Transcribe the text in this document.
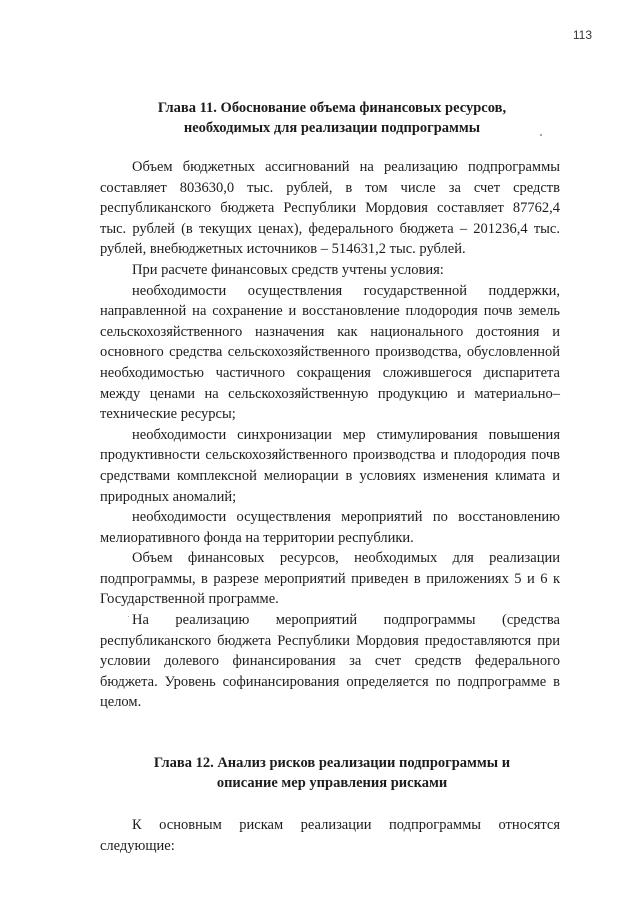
113
Глава 11. Обоснование объема финансовых ресурсов,
необходимых для реализации подпрограммы

Объем бюджетных ассигнований на реализацию подпрограммы составляет 803630,0 тыс. рублей, в том числе за счет средств республиканского бюджета Республики Мордовия составляет 87762,4 тыс. рублей (в текущих ценах), федерального бюджета – 201236,4 тыс. рублей, внебюджетных источников – 514631,2 тыс. рублей.

При расчете финансовых средств учтены условия:

необходимости осуществления государственной поддержки, направленной на сохранение и восстановление плодородия почв земель сельскохозяйственного назначения как национального достояния и основного средства сельскохозяйственного производства, обусловленной необходимостью частичного сокращения сложившегося диспаритета между ценами на сельскохозяйственную продукцию и материально–технические ресурсы;

необходимости синхронизации мер стимулирования повышения продуктивности сельскохозяйственного производства и плодородия почв средствами комплексной мелиорации в условиях изменения климата и природных аномалий;

необходимости осуществления мероприятий по восстановлению мелиоративного фонда на территории республики.

Объем финансовых ресурсов, необходимых для реализации подпрограммы, в разрезе мероприятий приведен в приложениях 5 и 6 к Государственной программе.

На реализацию мероприятий подпрограммы (средства республиканского бюджета Республики Мордовия предоставляются при условии долевого финансирования за счет средств федерального бюджета. Уровень софинансирования определяется по подпрограмме в целом.

Глава 12. Анализ рисков реализации подпрограммы и
описание мер управления рисками

К основным рискам реализации подпрограммы относятся следующие:
